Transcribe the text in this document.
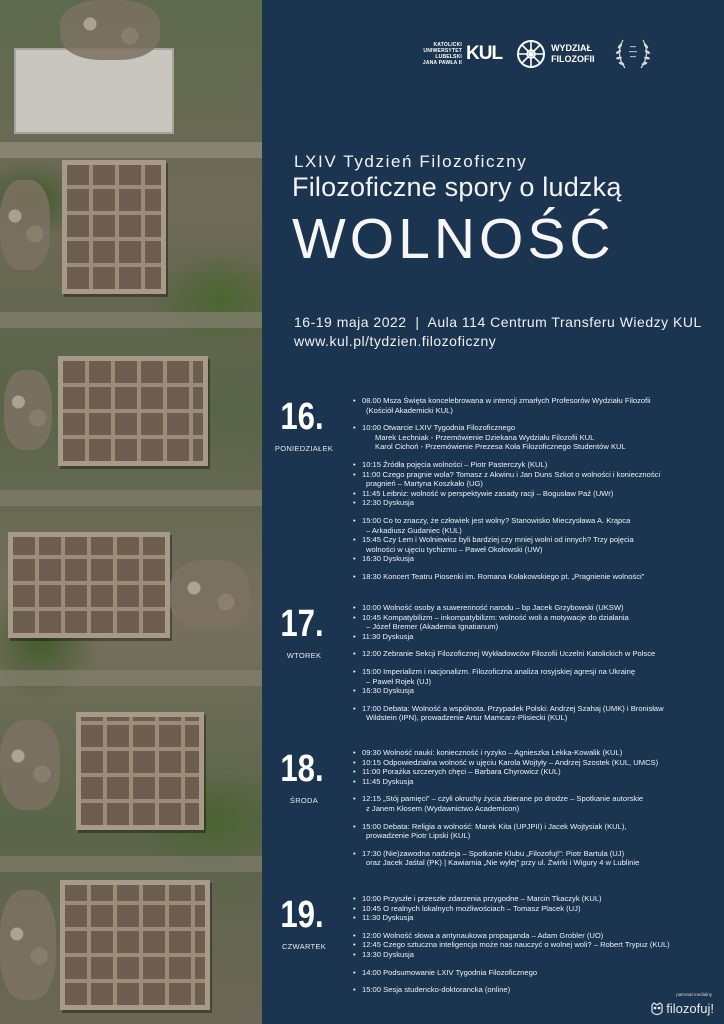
KATOLICKI
UNIWERSYTET
LUBELSKI
JANA PAWŁA II KUL	WYDZIAŁ
FILOZOFII
LXIV Tydzień Filozoficzny
Filozoficzne spory o ludzką
WOLNOŚĆ
16-19 maja 2022  |  Aula 114 Centrum Transferu Wiedzy KUL
www.kul.pl/tydzien.filozoficzny
16.
PONIEDZIAŁEK
• 08.00 Msza Święta koncelebrowana w intencji zmarłych Profesorów Wydziału Filozofii
(Kościół Akademicki KUL)
• 10:00 Otwarcie LXIV Tygodnia Filozoficznego
Marek Lechniak - Przemówienie Dziekana Wydziału Filozofii KUL
Karol Cichoń - Przemówienie Prezesa Koła Filozoficznego Studentów KUL
• 10:15 Źródła pojęcia wolności – Piotr Pasterczyk (KUL)
• 11:00 Czego pragnie wola? Tomasz z Akwinu i Jan Duns Szkot o wolności i konieczności
pragnień – Martyna Koszkało (UG)
• 11:45 Leibniz: wolność w perspektywie zasady racji – Bogusław Paź (UWr)
• 12:30 Dyskusja
• 15:00 Co to znaczy, że człowiek jest wolny? Stanowisko Mieczysława A. Krąpca
– Arkadiusz Gudaniec (KUL)
• 15:45 Czy Lem i Wolniewicz byli bardziej czy mniej wolni od innych? Trzy pojęcia
wolności w ujęciu tychizmu – Paweł Okołowski (UW)
• 16:30 Dyskusja
• 18:30 Koncert Teatru Piosenki im. Romana Kołakowskiego pt. „Pragnienie wolności”
17.
WTOREK
• 10:00 Wolność osoby a suwerenność narodu – bp Jacek Grzybowski (UKSW)
• 10:45 Kompatybilizm – inkompatybilizm: wolność woli a motywacje do działania
– Józef Bremer (Akademia Ignatianum)
• 11:30 Dyskusja
• 12:00 Zebranie Sekcji Filozoficznej Wykładowców Filozofii Uczelni Katolickich w Polsce
• 15:00 Imperializm i nacjonalizm. Filozoficzna analiza rosyjskiej agresji na Ukrainę
– Paweł Rojek (UJ)
• 16:30 Dyskusja
• 17:00 Debata: Wolność a wspólnota. Przypadek Polski: Andrzej Szahaj (UMK) i Bronisław
Wildstein (IPN), prowadzenie Artur Mamcarz-Plisiecki (KUL)
18.
ŚRODA
• 09:30 Wolność nauki: konieczność i ryzyko – Agnieszka Lekka-Kowalik (KUL)
• 10:15 Odpowiedzialna wolność w ujęciu Karola Wojtyły – Andrzej Szostek (KUL, UMCS)
• 11:00 Porażka szczerych chęci – Barbara Chyrowicz (KUL)
• 11:45 Dyskusja
• 12:15 „Stój pamięci” – czyli okruchy życia zbierane po drodze – Spotkanie autorskie
z Janem Kłosem (Wydawnictwo Academicon)
• 15:00 Debata: Religia a wolność: Marek Kita (UPJPII) i Jacek Wojtysiak (KUL),
prowadzenie Piotr Lipski (KUL)
• 17:30 (Nie)zawodna nadzieja – Spotkanie Klubu „Filozofuj!”: Piotr Bartula (UJ)
oraz Jacek Jaśtal (PK) | Kawiarnia „Nie wylej” przy ul. Żwirki i Wigury 4 w Lublinie
19.
CZWARTEK
• 10:00 Przyszłe i przeszłe zdarzenia przygodne – Marcin Tkaczyk (KUL)
• 10:45 O realnych lokalnych możliwościach – Tomasz Placek (UJ)
• 11:30 Dyskusja
• 12:00 Wolność słowa a antynaukowa propaganda – Adam Grobler (UO)
• 12:45 Czego sztuczna inteligencja może nas nauczyć o wolnej woli? – Robert Trypuz (KUL)
• 13:30 Dyskusja
• 14:00 Podsumowanie LXIV Tygodnia Filozoficznego
• 15:00 Sesja studencko-doktorancka (online)
patronat medialny
filozofuj!
